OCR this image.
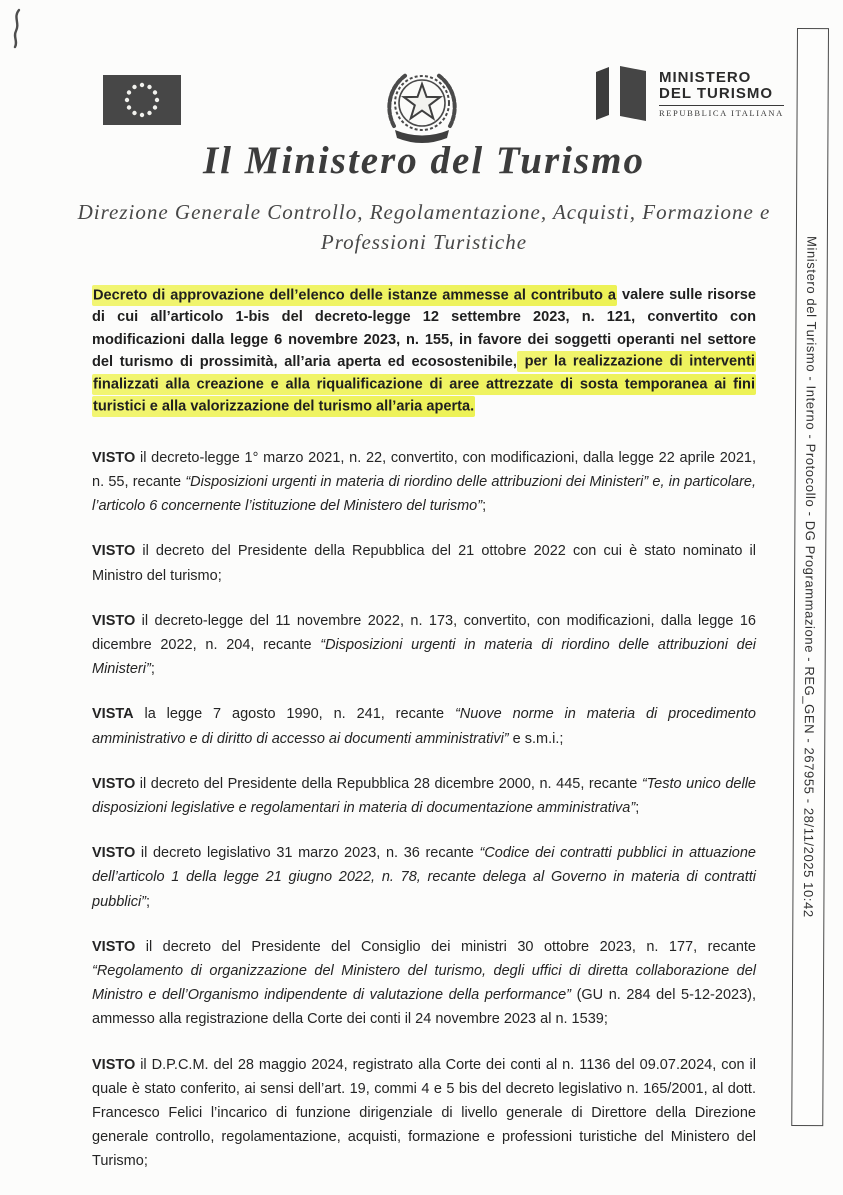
MINISTERO
DEL TURISMO
REPUBBLICA ITALIANA
Il Ministero del Turismo
Direzione Generale Controllo, Regolamentazione, Acquisti, Formazione e
Professioni Turistiche

Decreto di approvazione dell’elenco delle istanze ammesse al contributo a valere sulle risorse di cui all’articolo 1-bis del decreto-legge 12 settembre 2023, n. 121, convertito con modificazioni dalla legge 6 novembre 2023, n. 155, in favore dei soggetti operanti nel settore del turismo di prossimità, all’aria aperta ed ecosostenibile, per la realizzazione di interventi finalizzati alla creazione e alla riqualificazione di aree attrezzate di sosta temporanea ai fini turistici e alla valorizzazione del turismo all’aria aperta.

VISTO il decreto-legge 1° marzo 2021, n. 22, convertito, con modificazioni, dalla legge 22 aprile 2021, n. 55, recante “Disposizioni urgenti in materia di riordino delle attribuzioni dei Ministeri” e, in particolare, l’articolo 6 concernente l’istituzione del Ministero del turismo”;

VISTO il decreto del Presidente della Repubblica del 21 ottobre 2022 con cui è stato nominato il Ministro del turismo;

VISTO il decreto-legge del 11 novembre 2022, n. 173, convertito, con modificazioni, dalla legge 16 dicembre 2022, n. 204, recante “Disposizioni urgenti in materia di riordino delle attribuzioni dei Ministeri”;

VISTA la legge 7 agosto 1990, n. 241, recante “Nuove norme in materia di procedimento amministrativo e di diritto di accesso ai documenti amministrativi” e s.m.i.;

VISTO il decreto del Presidente della Repubblica 28 dicembre 2000, n. 445, recante “Testo unico delle disposizioni legislative e regolamentari in materia di documentazione amministrativa”;

VISTO il decreto legislativo 31 marzo 2023, n. 36 recante “Codice dei contratti pubblici in attuazione dell’articolo 1 della legge 21 giugno 2022, n. 78, recante delega al Governo in materia di contratti pubblici”;

VISTO il decreto del Presidente del Consiglio dei ministri 30 ottobre 2023, n. 177, recante “Regolamento di organizzazione del Ministero del turismo, degli uffici di diretta collaborazione del Ministro e dell’Organismo indipendente di valutazione della performance” (GU n. 284 del 5-12-2023), ammesso alla registrazione della Corte dei conti il 24 novembre 2023 al n. 1539;

VISTO il D.P.C.M. del 28 maggio 2024, registrato alla Corte dei conti al n. 1136 del 09.07.2024, con il quale è stato conferito, ai sensi dell’art. 19, commi 4 e 5 bis del decreto legislativo n. 165/2001, al dott. Francesco Felici l’incarico di funzione dirigenziale di livello generale di Direttore della Direzione generale controllo, regolamentazione, acquisti, formazione e professioni turistiche del Ministero del Turismo;

Ministero del Turismo - Interno - Protocollo - DG Programmazione - REG_GEN - 267955 - 28/11/2025 10:42
